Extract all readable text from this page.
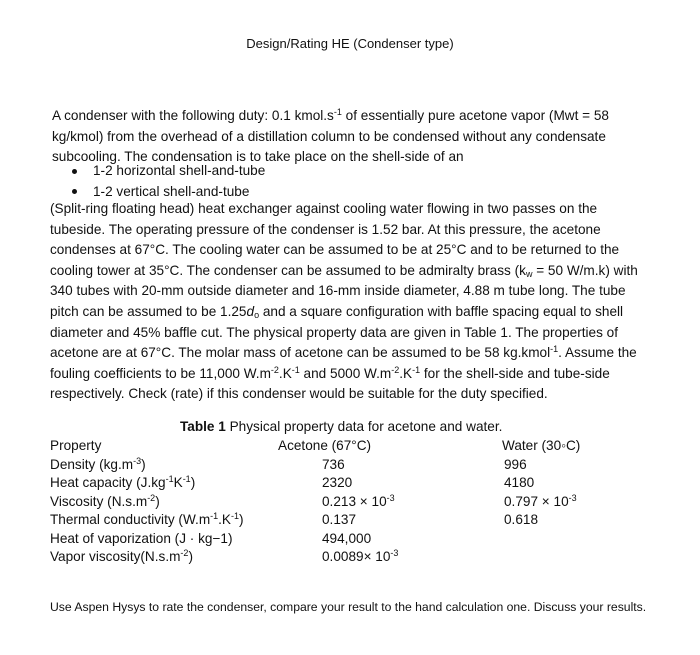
Design/Rating HE (Condenser type)
A condenser with the following duty: 0.1 $kmol.s^{-1}$ of essentially pure acetone vapor (Mwt = 58 kg/kmol) from the overhead of a distillation column to be condensed without any condensate subcooling. The condensation is to take place on the shell-side of an
1-2 horizontal shell-and-tube
1-2 vertical shell-and-tube
(Split-ring floating head) heat exchanger against cooling water flowing in two passes on the tubeside. The operating pressure of the condenser is 1.52 bar. At this pressure, the acetone condenses at 67°C. The cooling water can be assumed to be at 25°C and to be returned to the cooling tower at 35°C. The condenser can be assumed to be admiralty brass ($k_w = 50$ W/m.k) with 340 tubes with 20-mm outside diameter and 16-mm inside diameter, 4.88 m tube long. The tube pitch can be assumed to be $1.25d_o$ and a square configuration with baffle spacing equal to shell diameter and 45% baffle cut. The physical property data are given in Table 1. The properties of acetone are at 67°C. The molar mass of acetone can be assumed to be 58 kg.kmol$^{-1}$. Assume the fouling coefficients to be 11,000 $W.m^{-2}.K^{-1}$ and 5000 $W.m^{-2}.K^{-1}$ for the shell-side and tube-side respectively. Check (rate) if this condenser would be suitable for the duty specified.
Table 1 Physical property data for acetone and water.
Property	Acetone (67°C)	Water (30◦C)
Density $(kg.m^{-3})$	736	996
Heat capacity $(J.kg^{-1}K^{-1})$	2320	4180
Viscosity $(N.s.m^{-2})$	$0.213 \times 10^{-3}$	$0.797 \times 10^{-3}$
Thermal conductivity $(W.m^{-1}.K^{-1})$	0.137	0.618
Heat of vaporization (J · kg−1)	494,000
Vapor $viscosity(N.s.m^{-2})$	$0.0089\times 10^{-3}$
Use Aspen Hysys to rate the condenser, compare your result to the hand calculation one. Discuss your results.
